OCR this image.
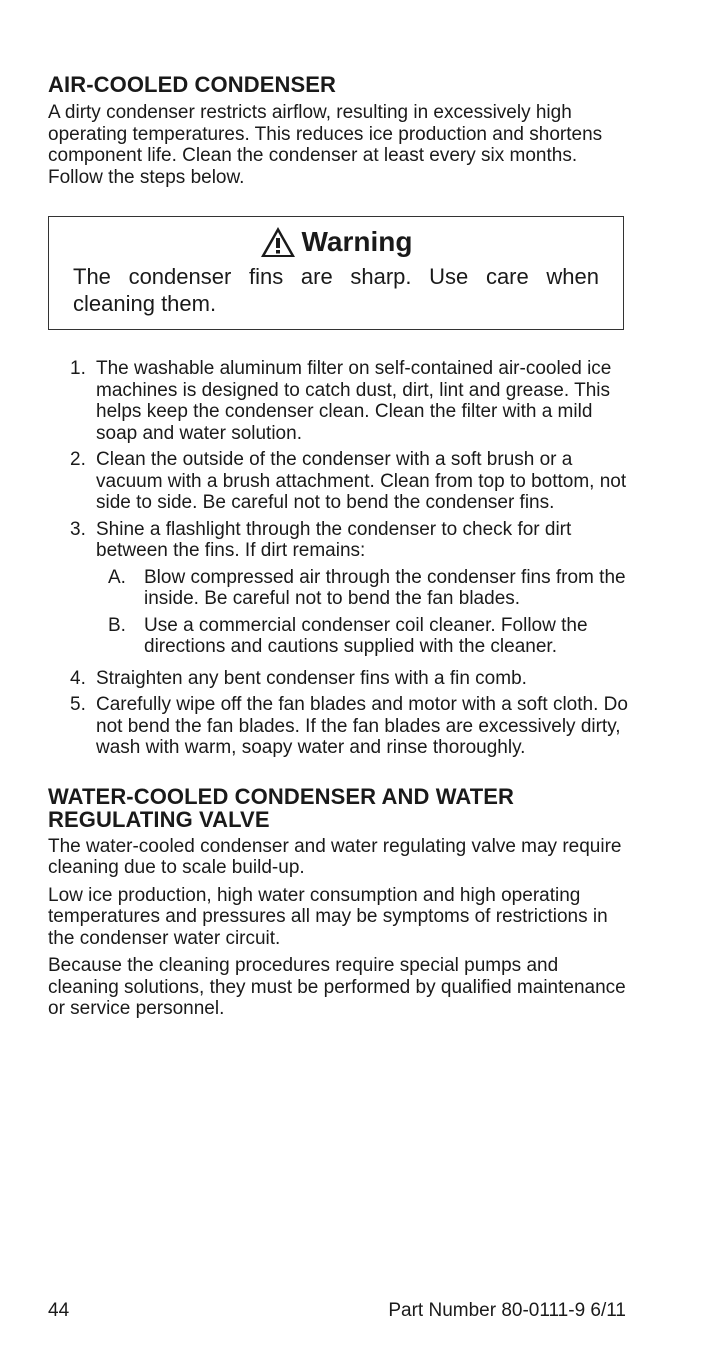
AIR-COOLED CONDENSER

A dirty condenser restricts airflow, resulting in excessively high operating temperatures. This reduces ice production and shortens component life. Clean the condenser at least every six months. Follow the steps below.

Warning

The condenser fins are sharp. Use care when cleaning them.

1. The washable aluminum filter on self-contained air-cooled ice machines is designed to catch dust, dirt, lint and grease. This helps keep the condenser clean. Clean the filter with a mild soap and water solution.
2. Clean the outside of the condenser with a soft brush or a vacuum with a brush attachment. Clean from top to bottom, not side to side. Be careful not to bend the condenser fins.
3. Shine a flashlight through the condenser to check for dirt between the fins. If dirt remains:
A. Blow compressed air through the condenser fins from the inside. Be careful not to bend the fan blades.
B. Use a commercial condenser coil cleaner. Follow the directions and cautions supplied with the cleaner.
4. Straighten any bent condenser fins with a fin comb.
5. Carefully wipe off the fan blades and motor with a soft cloth. Do not bend the fan blades. If the fan blades are excessively dirty, wash with warm, soapy water and rinse thoroughly.
WATER-COOLED CONDENSER AND WATER REGULATING VALVE

The water-cooled condenser and water regulating valve may require cleaning due to scale build-up.

Low ice production, high water consumption and high operating temperatures and pressures all may be symptoms of restrictions in the condenser water circuit.

Because the cleaning procedures require special pumps and cleaning solutions, they must be performed by qualified maintenance or service personnel.

44	Part Number 80-0111-9 6/11
